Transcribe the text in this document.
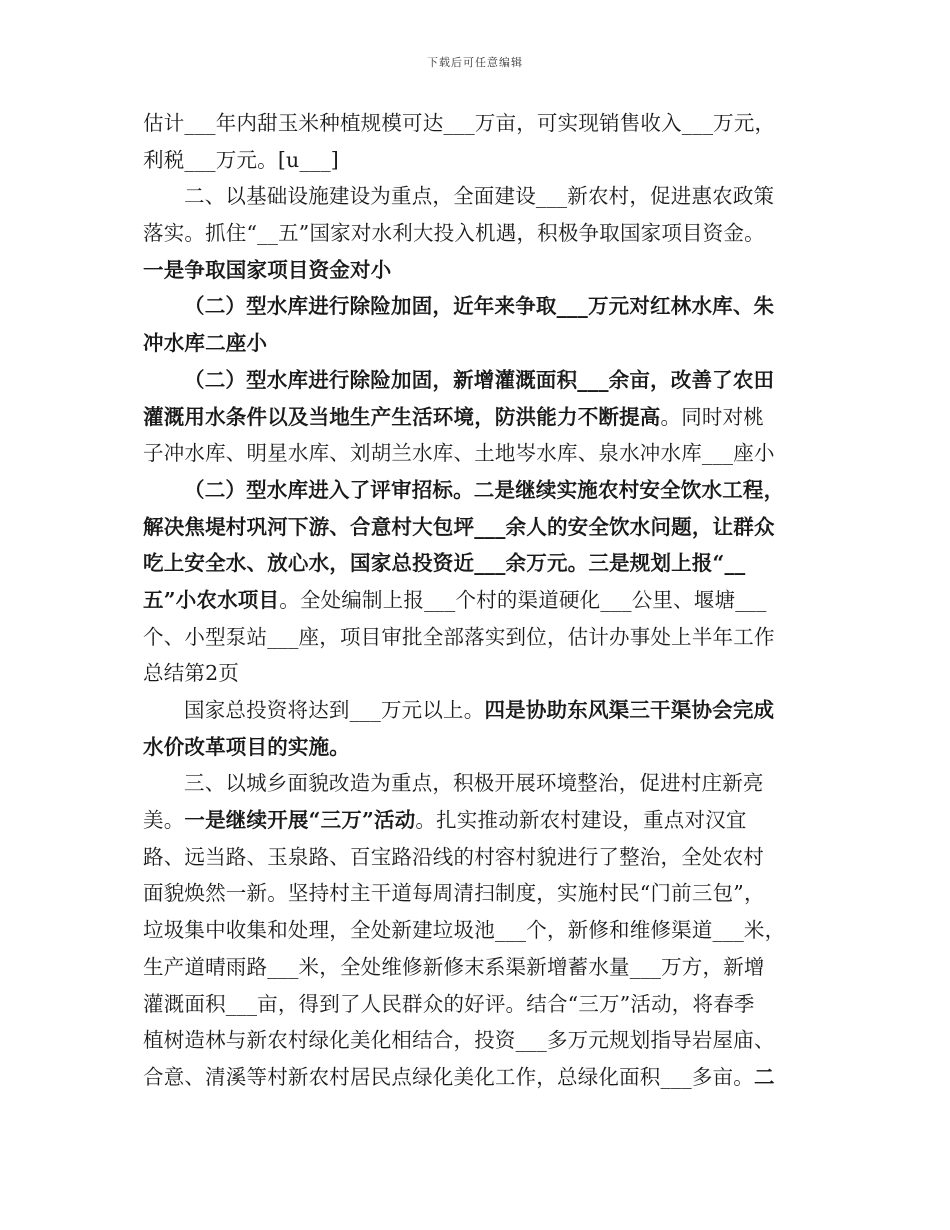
下载后可任意编辑
估计___年内甜玉米种植规模可达___万亩，可实现销售收入___万元，
利税___万元。[u___]
二、以基础设施建设为重点，全面建设___新农村，促进惠农政策
落实。抓住“__五”国家对水利大投入机遇，积极争取国家项目资金。
一是争取国家项目资金对小
（二）型水库进行除险加固，近年来争取___万元对红林水库、朱
冲水库二座小
（二）型水库进行除险加固，新增灌溉面积___余亩，改善了农田
灌溉用水条件以及当地生产生活环境，防洪能力不断提高。同时对桃
子冲水库、明星水库、刘胡兰水库、土地岑水库、泉水冲水库___座小
（二）型水库进入了评审招标。二是继续实施农村安全饮水工程，
解决焦堤村巩河下游、合意村大包坪___余人的安全饮水问题，让群众
吃上安全水、放心水，国家总投资近___余万元。三是规划上报“__
五”小农水项目。全处编制上报___个村的渠道硬化___公里、堰塘___
个、小型泵站___座，项目审批全部落实到位，估计办事处上半年工作
总结第2页
国家总投资将达到___万元以上。四是协助东风渠三干渠协会完成
水价改革项目的实施。
三、以城乡面貌改造为重点，积极开展环境整治，促进村庄新亮
美。一是继续开展“三万”活动。扎实推动新农村建设，重点对汉宜
路、远当路、玉泉路、百宝路沿线的村容村貌进行了整治，全处农村
面貌焕然一新。坚持村主干道每周清扫制度，实施村民“门前三包”，
垃圾集中收集和处理，全处新建垃圾池___个，新修和维修渠道___米，
生产道晴雨路___米，全处维修新修末系渠新增蓄水量___万方，新增
灌溉面积___亩，得到了人民群众的好评。结合“三万”活动，将春季
植树造林与新农村绿化美化相结合，投资___多万元规划指导岩屋庙、
合意、清溪等村新农村居民点绿化美化工作，总绿化面积___多亩。二
